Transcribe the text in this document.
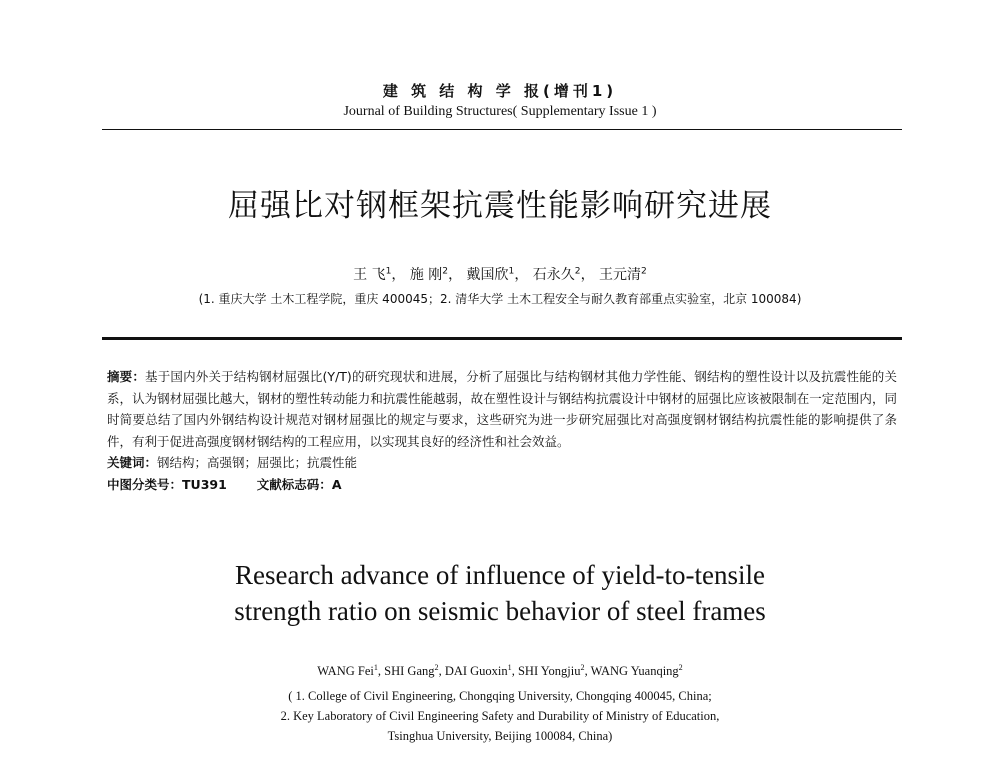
建 筑 结 构 学 报(增刊1)
Journal of Building Structures( Supplementary Issue 1 )
屈强比对钢框架抗震性能影响研究进展
王 飞$^1$， 施 刚$^2$， 戴国欣$^1$， 石永久$^2$， 王元清$^2$
(1. 重庆大学 土木工程学院，重庆 400045；2. 清华大学 土木工程安全与耐久教育部重点实验室，北京 100084)
摘要：基于国内外关于结构钢材屈强比(Y/T)的研究现状和进展，分析了屈强比与结构钢材其他力学性能、钢结构的塑性设计以及抗震性能的关系，认为钢材屈强比越大，钢材的塑性转动能力和抗震性能越弱，故在塑性设计与钢结构抗震设计中钢材的屈强比应该被限制在一定范围内，同时简要总结了国内外钢结构设计规范对钢材屈强比的规定与要求，这些研究为进一步研究屈强比对高强度钢材钢结构抗震性能的影响提供了条件，有利于促进高强度钢材钢结构的工程应用，以实现其良好的经济性和社会效益。
关键词：钢结构；高强钢；屈强比；抗震性能
中图分类号：TU391 文献标志码：A
Research advance of influence of yield-to-tensile
strength ratio on seismic behavior of steel frames
WANG Fei$^1$, SHI Gang$^2$, DAI Guoxin$^1$, SHI Yongjiu$^2$, WANG Yuanqing$^2$
( 1. College of Civil Engineering, Chongqing University, Chongqing 400045, China;
2. Key Laboratory of Civil Engineering Safety and Durability of Ministry of Education,
Tsinghua University, Beijing 100084, China)
